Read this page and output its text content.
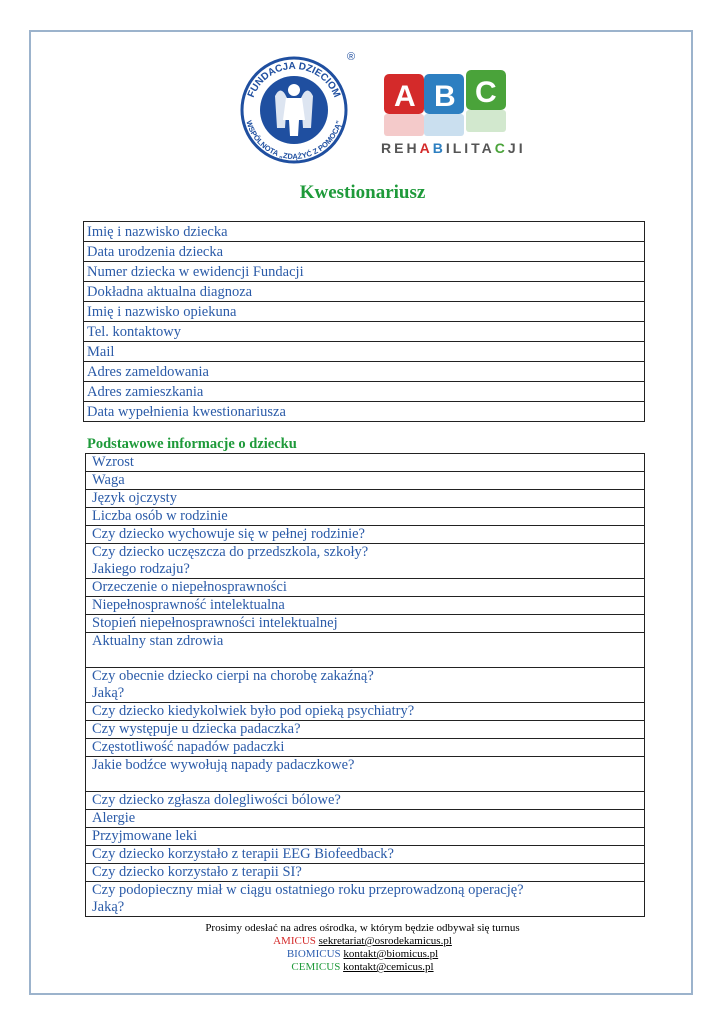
FUNDACJA DZIECIOM
WSPÓLNOTA „ZDĄŻYĆ Z POMOCĄ”
®
A B C
REHABILITACJI
Kwestionariusz
Imię i nazwisko dziecka
Data urodzenia dziecka
Numer dziecka w ewidencji Fundacji
Dokładna aktualna diagnoza
Imię i nazwisko opiekuna
Tel. kontaktowy
Mail
Adres zameldowania
Adres zamieszkania
Data wypełnienia kwestionariusza
Podstawowe informacje o dziecku
Wzrost

Waga

Język ojczysty

Liczba osób w rodzinie

Czy dziecko wychowuje się w pełnej rodzinie?

Czy dziecko uczęszcza do przedszkola, szkoły?
Jakiego rodzaju?

Orzeczenie o niepełnosprawności

Niepełnosprawność intelektualna

Stopień niepełnosprawności intelektualnej

Aktualny stan zdrowia

Czy obecnie dziecko cierpi na chorobę zakaźną?
Jaką?

Czy dziecko kiedykolwiek było pod opieką psychiatry?

Czy występuje u dziecka padaczka?

Częstotliwość napadów padaczki

Jakie bodźce wywołują napady padaczkowe?

Czy dziecko zgłasza dolegliwości bólowe?

Alergie

Przyjmowane leki

Czy dziecko korzystało z terapii EEG Biofeedback?

Czy dziecko korzystało z terapii SI?

Czy podopieczny miał w ciągu ostatniego roku przeprowadzoną operację?
Jaką?
Prosimy odesłać na adres ośrodka, w którym będzie odbywał się turnus
AMICUS sekretariat@osrodekamicus.pl
BIOMICUS kontakt@biomicus.pl
CEMICUS kontakt@cemicus.pl
